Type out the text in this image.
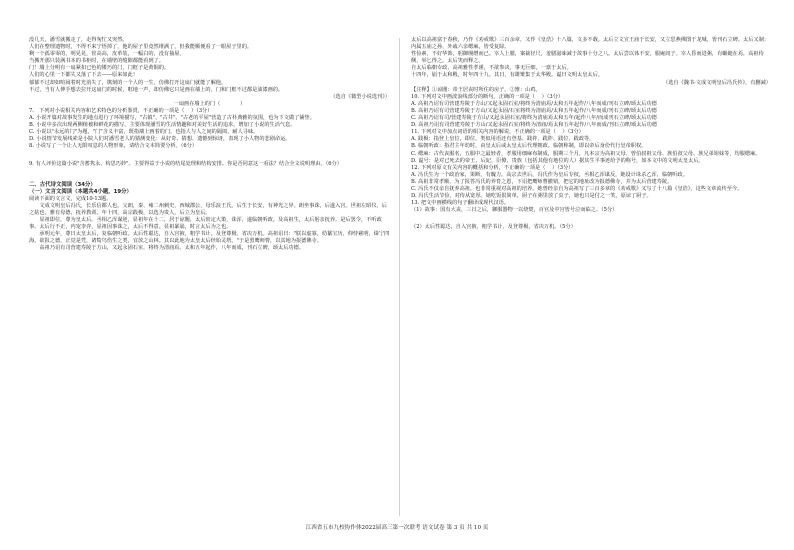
没几天，潘雪就搬走了，走得匆忙又突然。

人们在整理遗物时，不得不来宁悟掉了，他的屋子里竟然堆满了，但我能顺便看了一眼屋子里的。

剩一个孤零零的，明晃晃，筐高高，皮革装，一幅白的，没有抽屉。

当搬开那只装满书本的书柜时，在墙壁的缝隙都能看到了。

门！墙上分明有一扇紧扣已色的镂巧的门，门框子是黄铜的。

人们的心里一下都失又落了下去——原来如此！

郁郁不过却如喧闹着时光消失了，镌刻的一个人的一生，仿佛打开这扇门就能了解他。

不过，当有人伸手想去拉开这扇门的时候，哐地一声，却仿佛它只是画在墙上的，门和门框不过都是油漆画的。

（选自《微型小说选刊》）

一扇画在墙上的门（            ）

7.　下列对小说相关内容和艺术特色的分析鉴赏，不正确的一项是（    ）（3分）

A. 小说开篇对故事发生的地点进行了环境描写，"古镇"、"古井"、"古老的平屋"营造了古朴典雅的氛围，也为下文做了铺垫。

B. 小说中多次出现两侧植被和鲜花的描写，主要体现潘雪的生活情趣和对美好生活的追求，增加了小说的生活气息。

C. 小说以"永远的门"为题，"门"含义丰富，既指墙上画着的门，也指人与人之间的隔阂，耐人寻味。

D. 小说情节发展线索是小院人们对潘雪老人的猜测变化：从好奇、猜想、遗憾到惊讶，表现了小人物的悲剧命运。

8. 小说写了一个让人无限叹息的人物形象，请结合文本简要分析。（6分）

9. 有人评价这篇小说"含蓄隽永、构思巧妙"。主要得益于小说的结尾处理和结构安排。你是否同意这一看法？结合全文说明理由。（6分）

二、古代诗文阅读（34分）

（一）文言文阅读（本题共4小题，19分）

阅读下面的文言文，完成10-13题。

文成文明皇后冯氏，长乐信都人也。父朗，秦、雍二州刺史、西城郡公，母乐浪王氏。后生于长安，有神光之异。朗坐事诛，后遂入宫。世祖左昭仪，后之姑也，雅有母德，抚养教训。年十四，高宗践极，以选为贵人，后立为皇后。

显祖即位，尊为皇太后。丞相乙浑谋逆，显祖年在十二，居于谅闇，太后密定大策，诛浑，遂临朝听政。及高祖生，太后躬亲抚养。是后罢令，不听政事。太后行不正，内宠李弈，显祖因事诛之，太后不得意。显祖暴崩，时言太后为之也。

承明元年，尊曰太皇太后，复临朝听政。太后性聪达，自入宫掖，粗学书计。及登尊极，省决万机。高祖诏曰："朕以虚寡，幼纂宝历，仰恃慈明，缉宁四海。欲报之德，正觉是凭，诸鸷鸟伤生之类，宜放之山林。其以此地为太皇太后经始灵塔。"于是罢鹰师曹，以其地为报德佛寺。

高祖乃诏有司营建寿陵于方山，又起永固石室，将终为清庙焉。太和五年起作，八年而成，刊石立碑，颂太后功德。

太后以高祖富于春秋，乃作《劝戒歌》三百余章，又作《皇诰》十八篇，文多不载。太后立文宣王庙于长安，又立思燕佛图于龙城，皆刊石立碑。太后又制：内属五庙之孙，外戚六亲缌麻，皆受复除。

性俭素，不好华饰，躬御缦缯而已。宰人上膳，案裁径尺，羞膳滋味减于故事十分之八。太后尝以体不安，服庵闾子。宰人昏而进粥，有蝘蜓在焉，高祖侍侧，举匕得之。太后笑而释之。

自太后临朝专政，高祖雅性孝谨，不欲参决，事无巨细，一禀于太后。

十四年，崩于太和殿，时年四十九。其日，有雄雉集于太华殿。谥曰文明太皇太后。

（选自《魏书·文成文明皇后冯氏传》，有删减）

【注释】①谅闇：帝王居丧时所住的房子。②雉：山鸡。

10. 下列对文中画波浪线部分的断句，正确的一项是（    ）（3分）

A. 高祖乃诏有司营建寿陵于方山/又起永固石室/将终为清庙焉/太和五年起作/八年而成/刊石立碑/颂太后功德

B. 高祖乃诏有司营建寿陵于方山/又起永固/石室将终为清庙焉/太和五年起作/八年而成/刊石立碑/颂太后功德

C. 高祖乃诏有司/营建寿陵于方山/又起永固石室/将终为清庙焉太和五年/起作八年/而成刊石立碑/颂太后功德

D. 高祖乃诏有司营建寿陵于方山/又起永固石室/将终为清庙/焉太和五年起作/八年而成/刊石立碑/颂太后功德

11. 下列对文中加点词语的相关内容的解说，不正确的一项是（    ）（3分）

A. 践极：指登上皇位，即位。类似用语还有登基、践祚、践阼、践位、践政等。

B. 临朝听政：指君主年幼时，由皇太后或太皇太后代理朝政。临朝称制，即以帝后身份代行皇帝职权。

C. 缌麻：古代丧服名，五服中之最轻者，孝服用细麻布制成，服期三个月，凡本宗为高祖父母、曾伯叔祖父母、族伯叔父母、族兄弟姐妹等，均服缌麻。

D. 谥号：是对已死去的帝王、后妃、臣僚、贵族（包括其他有地位的人）据其生平事迹给予的称号，如本文中的文明太皇太后。

12. 下列对原文有关内容的概括和分析，不正确的一项是（    ）（3分）

A. 冯氏生为一个政治家，果断，有魄力。高宗去世后，冯氏作为皇后专权，丞相乙浑谋反，她设计诛杀乙浑，临朝听政。

B. 高祖非常孝顺，为了报答冯氏的养育之恩，下诏把鹰师曹撤销，把它的地址改为报德佛寺，并为太后营建寿陵。

C. 冯氏不仅亲自抚养高祖，也非常重视对高祖的培养。她曾经亲自为高祖写了三百多章的《劝戒歌》又写了十八篇《皇诰》，这些文章流传至今。

D. 冯氏生活节俭，对侍从宽厚。她吃饭很简单，厨子在粥里放了虫子，她也只是付之一笑，原谅了厨子。

13. 把文中画横线的句子翻译成现代汉语。

（1）故事：国有大丧，三日之后，御服器物一以烧焚，百官及中宫皆号泣而临之。（5分）

（2）太后性聪达，自入宫掖，粗学书计，及登尊极，省决万机。（5分）

江西省五市九校协作体2022届高三第一次联考 语文试卷 第 3 页 共 10 页
